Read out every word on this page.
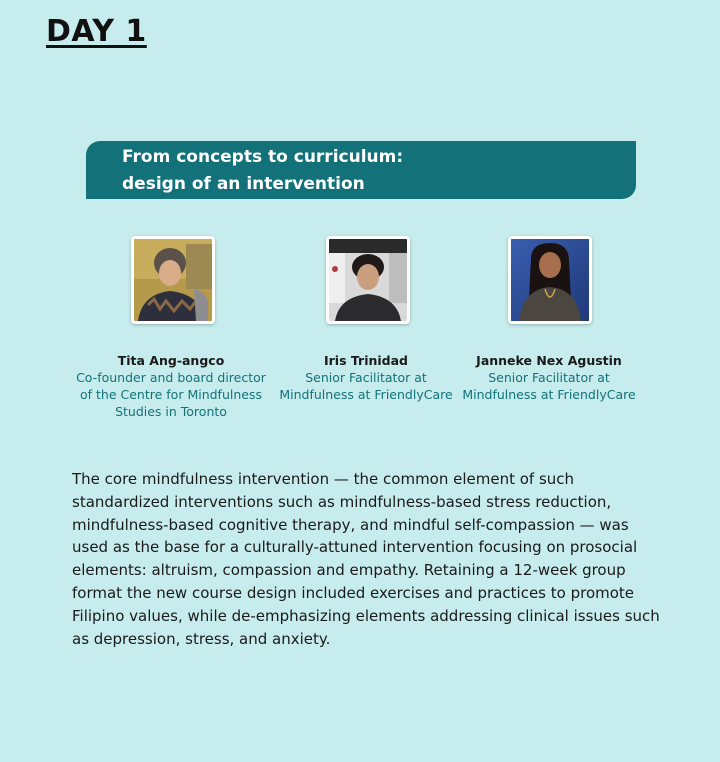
DAY 1
From concepts to curriculum:
design of an intervention
Tita Ang-angco
Co-founder and board director
of the Centre for Mindfulness
Studies in Toronto
Iris Trinidad
Senior Facilitator at
Mindfulness at FriendlyCare
Janneke Nex Agustin
Senior Facilitator at
Mindfulness at FriendlyCare
The core mindfulness intervention — the common element of such standardized interventions such as mindfulness-based stress reduction, mindfulness-based cognitive therapy, and mindful self-compassion — was used as the base for a culturally-attuned intervention focusing on prosocial elements: altruism, compassion and empathy. Retaining a 12-week group format the new course design included exercises and practices to promote Filipino values, while de-emphasizing elements addressing clinical issues such as depression, stress, and anxiety.
